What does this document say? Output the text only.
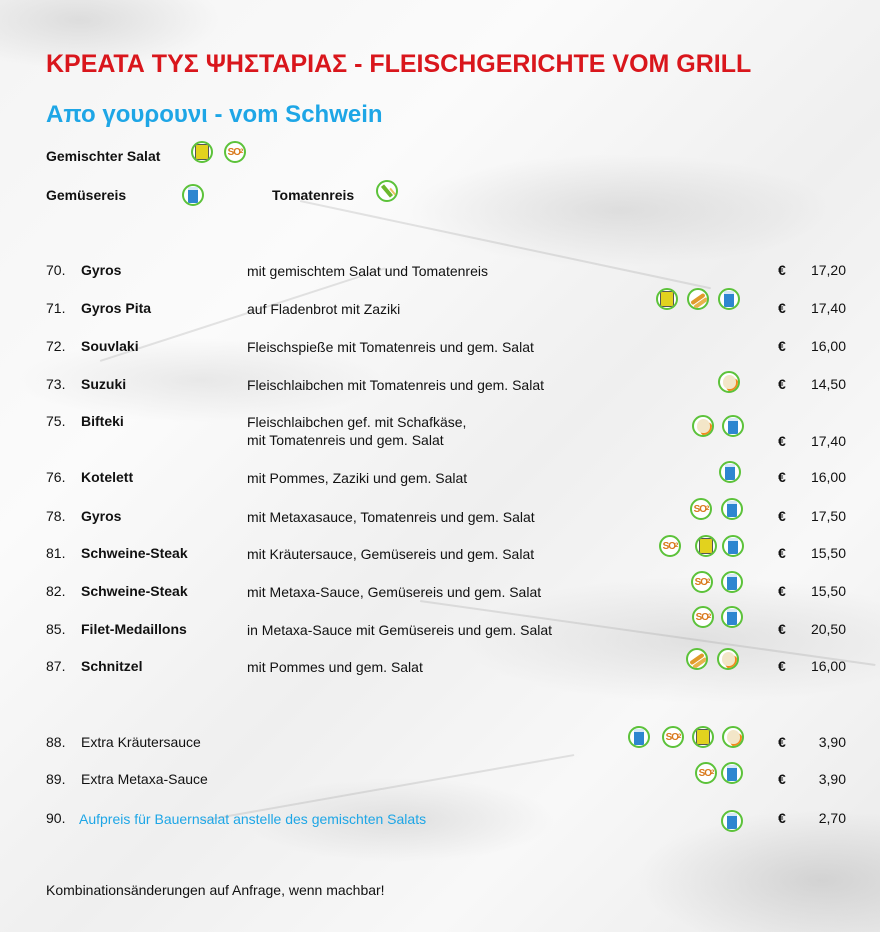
ΚΡΕΑΤΑ ΤΥΣ ΨΗΣΤΑΡΙΑΣ - FLEISCHGERICHTE VOM GRILL
Απο γουρουνι - vom Schwein
Gemischter Salat	SO 2
Gemüsereis	Tomatenreis
70. Gyros	mit gemischtem Salat und Tomatenreis	€ 17,20
71. Gyros Pita	auf Fladenbrot mit Zaziki	€ 17,40
72. Souvlaki	Fleischspieße mit Tomatenreis und gem. Salat	€ 16,00
73. Suzuki	Fleischlaibchen mit Tomatenreis und gem. Salat	€ 14,50
75. Bifteki	Fleischlaibchen gef. mit Schafkäse,
mit Tomatenreis und gem. Salat	€ 17,40
76. Kotelett	mit Pommes, Zaziki und gem. Salat	€ 16,00
78. Gyros	mit Metaxasauce, Tomatenreis und gem. Salat	€ 17,50
SO 2
81. Schweine-Steak	mit Kräutersauce, Gemüsereis und gem. Salat	€ 15,50
SO 2
82. Schweine-Steak	mit Metaxa-Sauce, Gemüsereis und gem. Salat	€ 15,50
SO 2
85. Filet-Medaillons	in Metaxa-Sauce mit Gemüsereis und gem. Salat	€ 20,50
SO 2
87. Schnitzel	mit Pommes und gem. Salat	€ 16,00
88. Extra Kräutersauce	€ 3,90
SO 2
89. Extra Metaxa-Sauce	€ 3,90
SO 2
90. Aufpreis für Bauernsalat anstelle des gemischten Salats	€ 2,70
Kombinationsänderungen auf Anfrage, wenn machbar!
